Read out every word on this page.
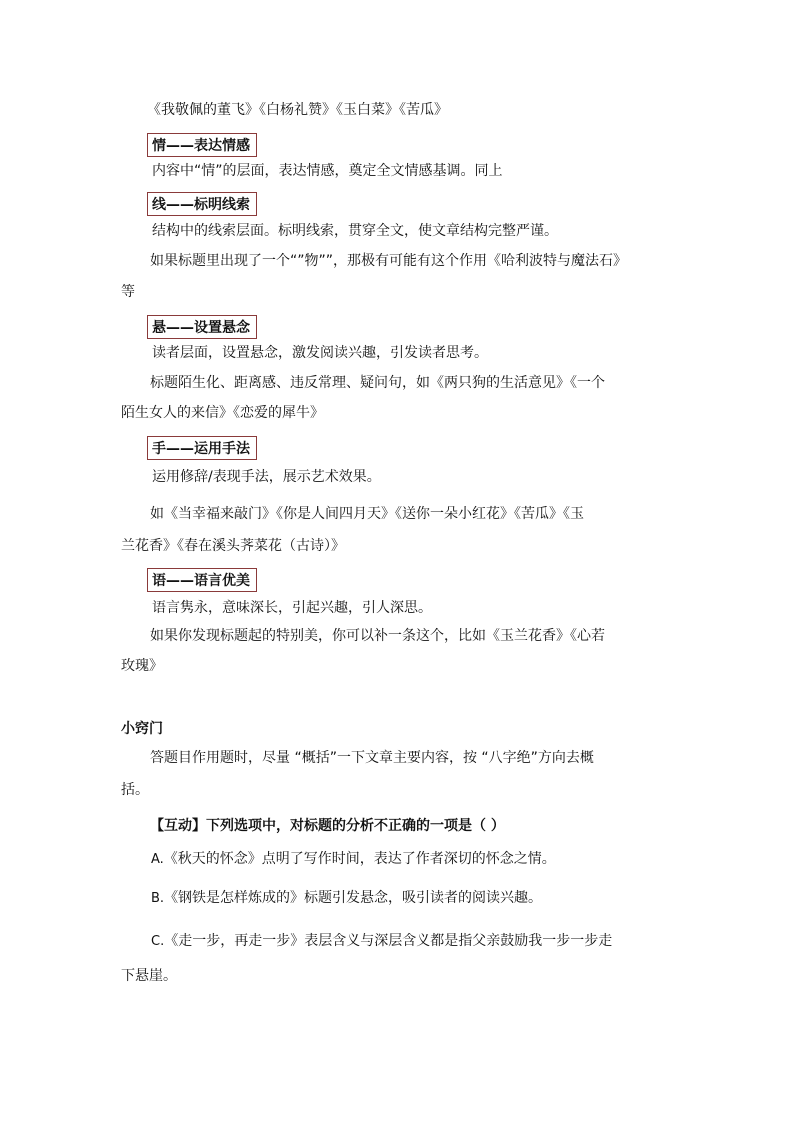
《我敬佩的董飞》《白杨礼赞》《玉白菜》《苦瓜》
情——表达情感
内容中“情”的层面，表达情感，奠定全文情感基调。同上
线——标明线索
结构中的线索层面。标明线索，贯穿全文，使文章结构完整严谨。
如果标题里出现了一个“”物””，那极有可能有这个作用《哈利波特与魔法石》
等
悬——设置悬念
读者层面，设置悬念，激发阅读兴趣，引发读者思考。
标题陌生化、距离感、违反常理、疑问句，如《两只狗的生活意见》《一个
陌生女人的来信》《恋爱的犀牛》
手——运用手法
运用修辞/表现手法，展示艺术效果。
如《当幸福来敲门》《你是人间四月天》《送你一朵小红花》《苦瓜》《玉
兰花香》《春在溪头荠菜花（古诗）》
语——语言优美
语言隽永，意味深长，引起兴趣，引人深思。
如果你发现标题起的特别美，你可以补一条这个，比如《玉兰花香》《心若
玫瑰》
小窍门
答题目作用题时，尽量 “概括”一下文章主要内容，按 “八字绝”方向去概
括。
【互动】下列选项中，对标题的分析不正确的一项是（ ）
A.《秋天的怀念》点明了写作时间，表达了作者深切的怀念之情。
B.《钢铁是怎样炼成的》标题引发悬念，吸引读者的阅读兴趣。
C.《走一步，再走一步》表层含义与深层含义都是指父亲鼓励我一步一步走
下悬崖。
